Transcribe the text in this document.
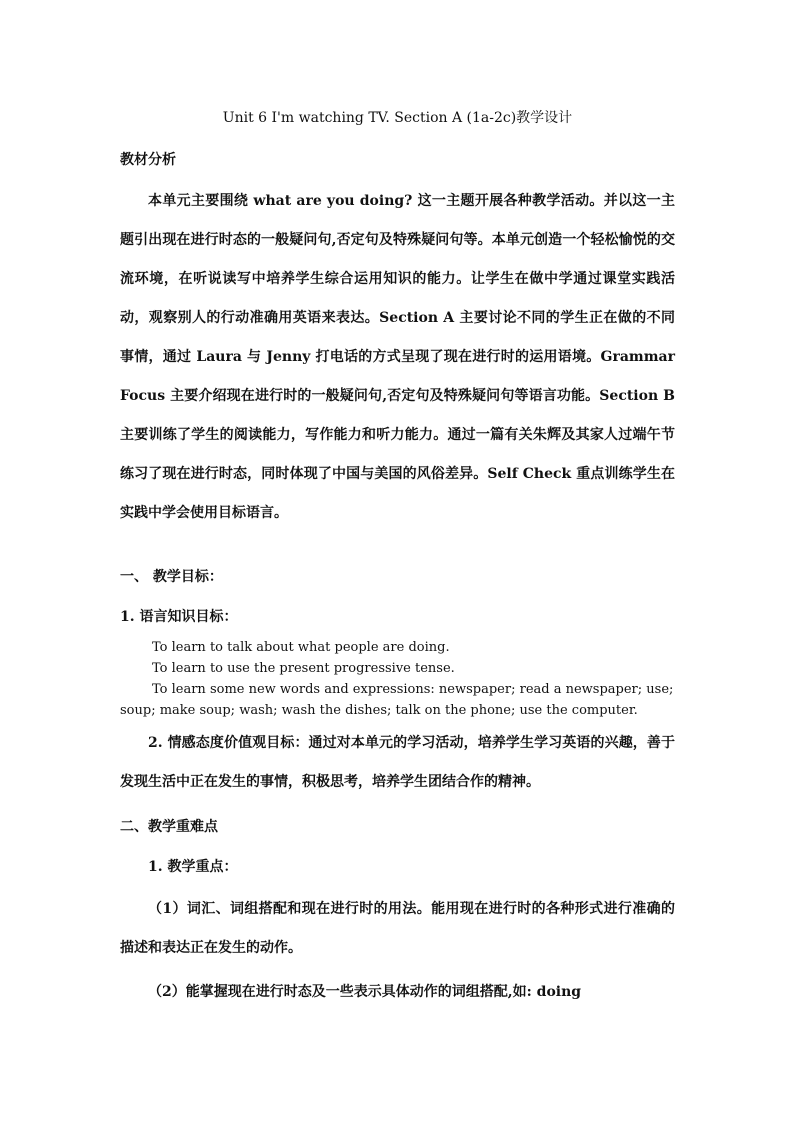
Unit 6 I'm watching TV. Section A (1a-2c)教学设计
教材分析
本单元主要围绕 what are you doing? 这一主题开展各种教学活动。并以这一主题引出现在进行时态的一般疑问句,否定句及特殊疑问句等。本单元创造一个轻松愉悦的交流环境，在听说读写中培养学生综合运用知识的能力。让学生在做中学通过课堂实践活动，观察别人的行动准确用英语来表达。Section A 主要讨论不同的学生正在做的不同事情，通过 Laura 与 Jenny 打电话的方式呈现了现在进行时的运用语境。Grammar Focus 主要介绍现在进行时的一般疑问句,否定句及特殊疑问句等语言功能。Section B 主要训练了学生的阅读能力，写作能力和听力能力。通过一篇有关朱辉及其家人过端午节练习了现在进行时态，同时体现了中国与美国的风俗差异。Self Check 重点训练学生在实践中学会使用目标语言。
一、 教学目标：
1. 语言知识目标：
To learn to talk about what people are doing.
To learn to use the present progressive tense.
To learn some new words and expressions: newspaper; read a newspaper; use;
soup; make soup; wash; wash the dishes; talk on the phone; use the computer.
2. 情感态度价值观目标：通过对本单元的学习活动，培养学生学习英语的兴趣，善于发现生活中正在发生的事情，积极思考，培养学生团结合作的精神。
二、教学重难点
1. 教学重点：
（1）词汇、词组搭配和现在进行时的用法。能用现在进行时的各种形式进行准确的描述和表达正在发生的动作。
（2）能掌握现在进行时态及一些表示具体动作的词组搭配,如: doing
